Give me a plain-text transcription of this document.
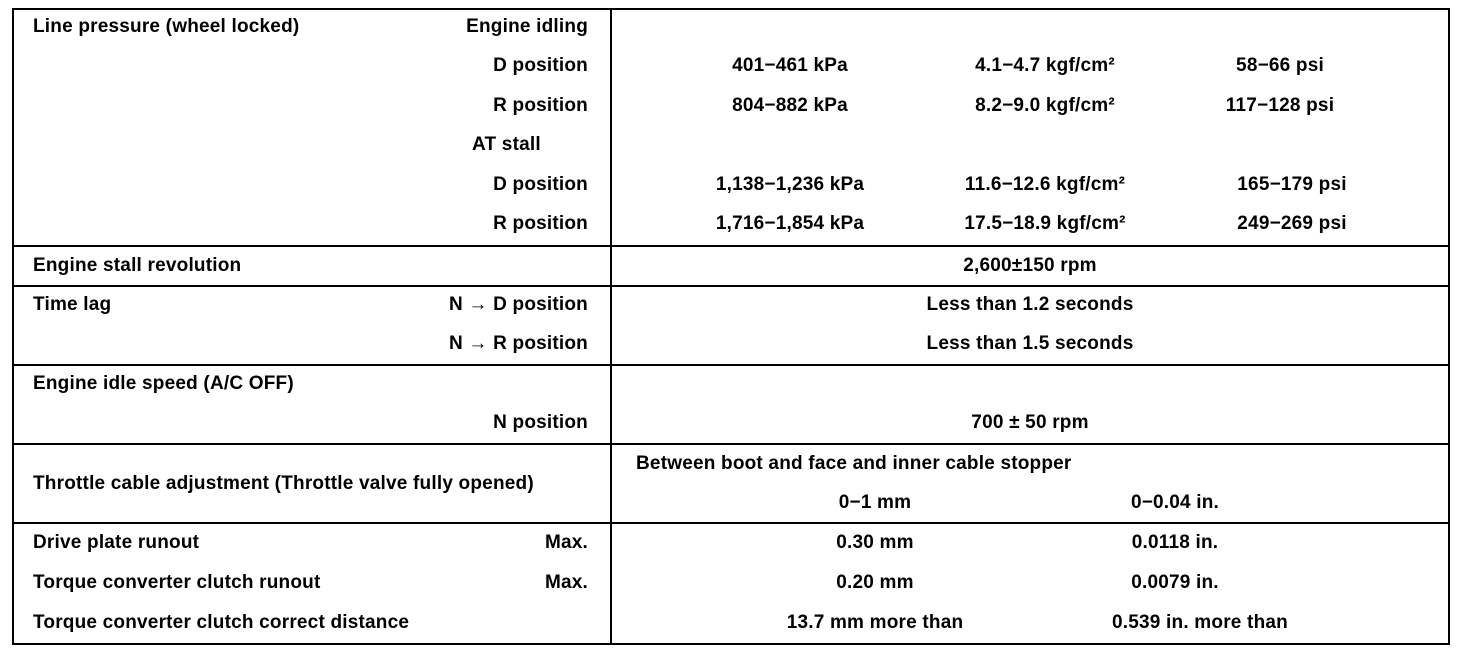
Line pressure (wheel locked)	Engine idling
D position	401−461 kPa	4.1−4.7 kgf/cm²	58−66 psi
R position	804−882 kPa	8.2−9.0 kgf/cm²	117−128 psi
AT stall
D position	1,138−1,236 kPa	11.6−12.6 kgf/cm²	165−179 psi
R position	1,716−1,854 kPa	17.5−18.9 kgf/cm²	249−269 psi
Engine stall revolution	2,600±150 rpm
Time lag	N → D position	Less than 1.2 seconds
N → R position	Less than 1.5 seconds
Engine idle speed (A/C OFF)
N position	700 ± 50 rpm
Throttle cable adjustment (Throttle valve fully opened)
Between boot and face and inner cable stopper
0−1 mm	0−0.04 in.
Drive plate runout	Max.	0.30 mm	0.0118 in.
Torque converter clutch runout	Max.	0.20 mm	0.0079 in.
Torque converter clutch correct distance	13.7 mm more than	0.539 in. more than
